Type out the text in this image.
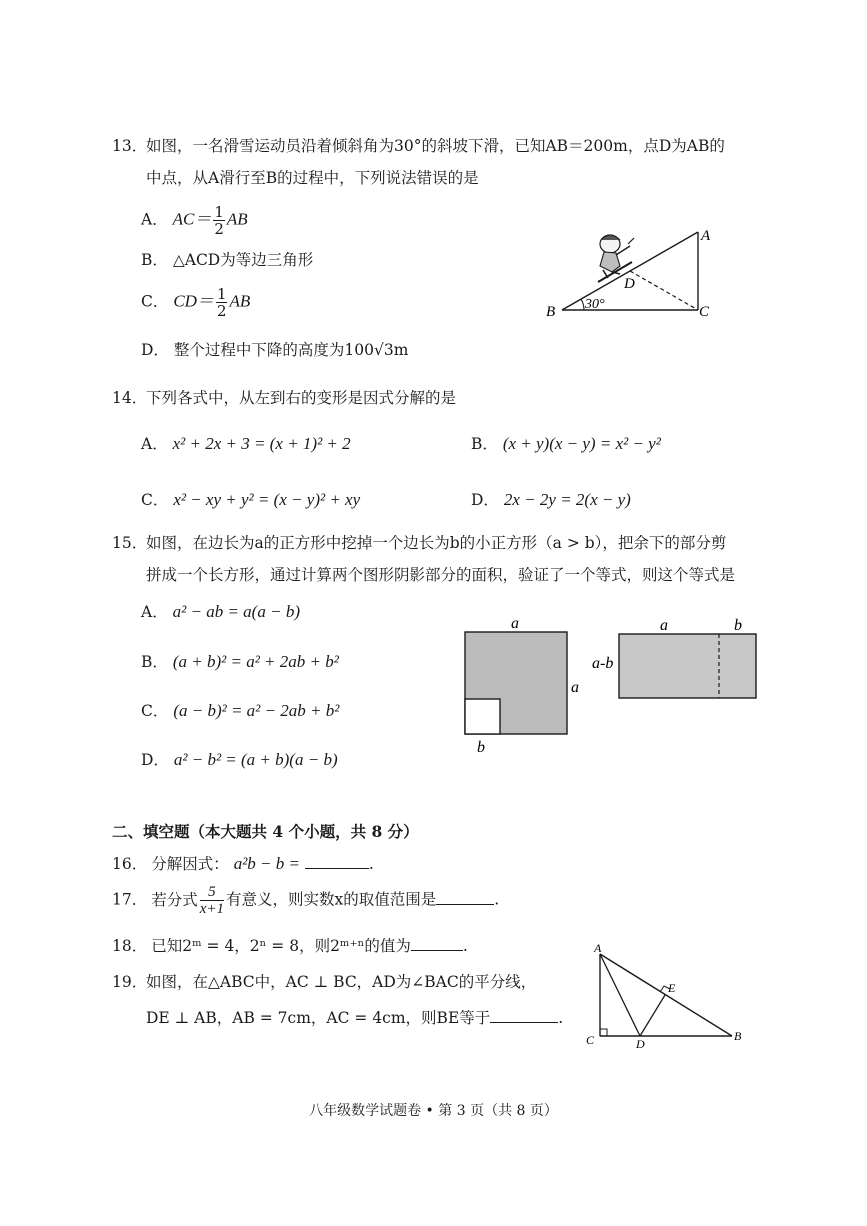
13．
如图，一名滑雪运动员沿着倾斜角为30°的斜坡下滑，已知AB＝200m，点D为AB的
中点，从A滑行至B的过程中，下列说法错误的是
A． $AC= \frac{1}{2}$ AB
B． △ACD为等边三角形
C． $CD= \frac{1}{2}$ AB
D． 整个过程中下降的高度为100√3m
A
B	C
D
30°
14．
下列各式中，从左到右的变形是因式分解的是
A． x² + 2x + 3 = (x + 1)² + 2	B． (x + y)(x − y) = x² − y²
C． x² − xy + y² = (x − y)² + xy	D． 2x − 2y = 2(x − y)
15．
如图，在边长为a的正方形中挖掉一个边长为b的小正方形（a > b），把余下的部分剪
拼成一个长方形，通过计算两个图形阴影部分的面积，验证了一个等式，则这个等式是
A． a² − ab = a(a − b)
B． (a + b)² = a² + 2ab + b²
C． (a − b)² = a² − 2ab + b²
D． a² − b² = (a + b)(a − b)
a
a
b
a	b
a-b
二、填空题（本大题共 4 个小题，共 8 分）
16． 分解因式： a²b − b =	.
17． 若分式 $\frac{5}{x+1}$ 有意义，则实数x的取值范围是	.
18． 已知2ᵐ = 4，2ⁿ = 8，则2ᵐ⁺ⁿ的值为	.
19．
如图，在△ABC中，AC ⊥ BC，AD为∠BAC的平分线，
DE ⊥ AB，AB = 7cm，AC = 4cm，则BE等于	.
A
C	D
E
B
八年级数学试题卷 • 第 3 页（共 8 页）
